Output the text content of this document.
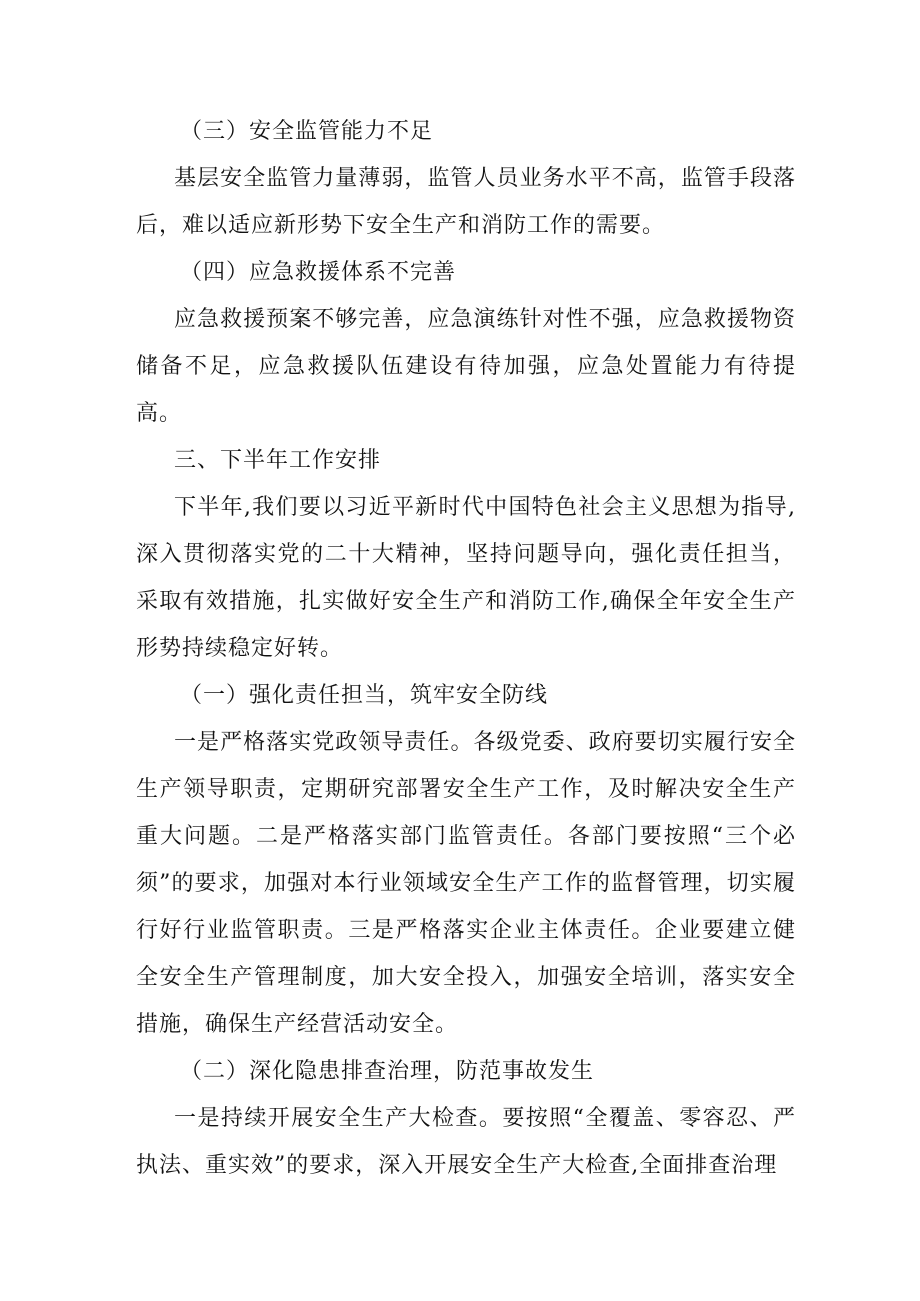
（三）安全监管能力不足

基层安全监管力量薄弱，监管人员业务水平不高，监管手段落后，难以适应新形势下安全生产和消防工作的需要。

（四）应急救援体系不完善

应急救援预案不够完善，应急演练针对性不强，应急救援物资储备不足，应急救援队伍建设有待加强，应急处置能力有待提高。

三、下半年工作安排

下半年,我们要以习近平新时代中国特色社会主义思想为指导,深入贯彻落实党的二十大精神，坚持问题导向，强化责任担当，采取有效措施，扎实做好安全生产和消防工作,确保全年安全生产形势持续稳定好转。

（一）强化责任担当，筑牢安全防线

一是严格落实党政领导责任。各级党委、政府要切实履行安全生产领导职责，定期研究部署安全生产工作，及时解决安全生产重大问题。二是严格落实部门监管责任。各部门要按照“三个必须”的要求，加强对本行业领域安全生产工作的监督管理，切实履行好行业监管职责。三是严格落实企业主体责任。企业要建立健全安全生产管理制度，加大安全投入，加强安全培训，落实安全措施，确保生产经营活动安全。

（二）深化隐患排查治理，防范事故发生

一是持续开展安全生产大检查。要按照“全覆盖、零容忍、严执法、重实效”的要求，深入开展安全生产大检查,全面排查治理
